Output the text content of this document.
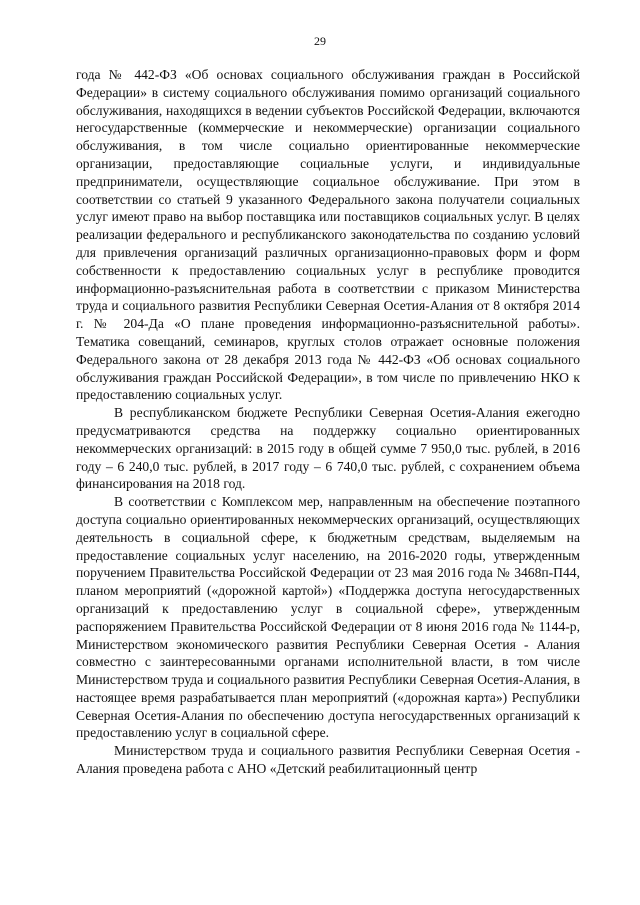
29

года № 442-ФЗ «Об основах социального обслуживания граждан в Российской Федерации» в систему социального обслуживания помимо организаций социального обслуживания, находящихся в ведении субъектов Российской Федерации, включаются негосударственные (коммерческие и некоммерческие) организации социального обслуживания, в том числе социально ориентированные некоммерческие организации, предоставляющие социальные услуги, и индивидуальные предприниматели, осуществляющие социальное обслуживание. При этом в соответствии со статьей 9 указанного Федерального закона получатели социальных услуг имеют право на выбор поставщика или поставщиков социальных услуг. В целях реализации федерального и республиканского законодательства по созданию условий для привлечения организаций различных организационно-правовых форм и форм собственности к предоставлению социальных услуг в республике проводится информационно-разъяснительная работа в соответствии с приказом Министерства труда и социального развития Республики Северная Осетия-Алания от 8 октября 2014 г. № 204-Да «О плане проведения информационно-разъяснительной работы». Тематика совещаний, семинаров, круглых столов отражает основные положения Федерального закона от 28 декабря 2013 года № 442-ФЗ «Об основах социального обслуживания граждан Российской Федерации», в том числе по привлечению НКО к предоставлению социальных услуг.

В республиканском бюджете Республики Северная Осетия-Алания ежегодно предусматриваются средства на поддержку социально ориентированных некоммерческих организаций: в 2015 году в общей сумме 7 950,0 тыс. рублей, в 2016 году – 6 240,0 тыс. рублей, в 2017 году – 6 740,0 тыс. рублей, с сохранением объема финансирования на 2018 год.

В соответствии с Комплексом мер, направленным на обеспечение поэтапного доступа социально ориентированных некоммерческих организаций, осуществляющих деятельность в социальной сфере, к бюджетным средствам, выделяемым на предоставление социальных услуг населению, на 2016-2020 годы, утвержденным поручением Правительства Российской Федерации от 23 мая 2016 года № 3468п-П44, планом мероприятий («дорожной картой») «Поддержка доступа негосударственных организаций к предоставлению услуг в социальной сфере», утвержденным распоряжением Правительства Российской Федерации от 8 июня 2016 года № 1144-р, Министерством экономического развития Республики Северная Осетия - Алания совместно с заинтересованными органами исполнительной власти, в том числе Министерством труда и социального развития Республики Северная Осетия-Алания, в настоящее время разрабатывается план мероприятий («дорожная карта») Республики Северная Осетия-Алания по обеспечению доступа негосударственных организаций к предоставлению услуг в социальной сфере.

Министерством труда и социального развития Республики Северная Осетия - Алания проведена работа с АНО «Детский реабилитационный центр
